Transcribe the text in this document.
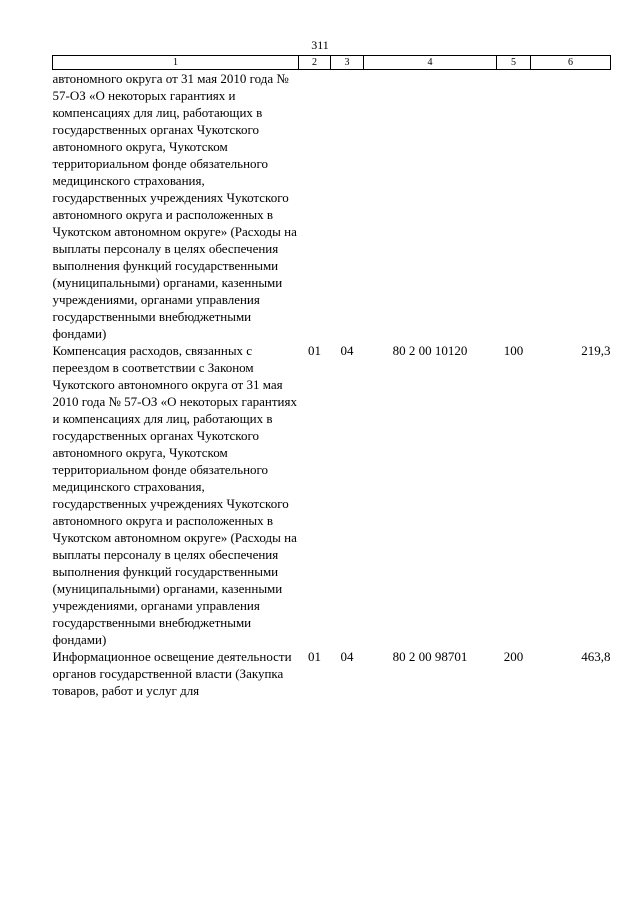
311
1	2	3	4	5	6
автономного округа от 31 мая 2010 года № 57-ОЗ «О некоторых гарантиях и компенсациях для лиц, работающих в государственных органах Чукотского автономного округа, Чукотском территориальном фонде обязательного медицинского страхования, государственных учреждениях Чукотского автономного округа и расположенных в Чукотском автономном округе» (Расходы на выплаты персоналу в целях обеспечения выполнения функций государственными (муниципальными) органами, казенными учреждениями, органами управления государственными внебюджетными фондами)					
Компенсация расходов, связанных с переездом в соответствии с Законом Чукотского автономного округа от 31 мая 2010 года № 57-ОЗ «О некоторых гарантиях и компенсациях для лиц, работающих в государственных органах Чукотского автономного округа, Чукотском территориальном фонде обязательного медицинского страхования, государственных учреждениях Чукотского автономного округа и расположенных в Чукотском автономном округе» (Расходы на выплаты персоналу в целях обеспечения выполнения функций государственными (муниципальными) органами, казенными учреждениями, органами управления государственными внебюджетными фондами)	01	04	80 2 00 10120	100	219,3
Информационное освещение деятельности органов государственной власти (Закупка товаров, работ и услуг для	01	04	80 2 00 98701	200	463,8
